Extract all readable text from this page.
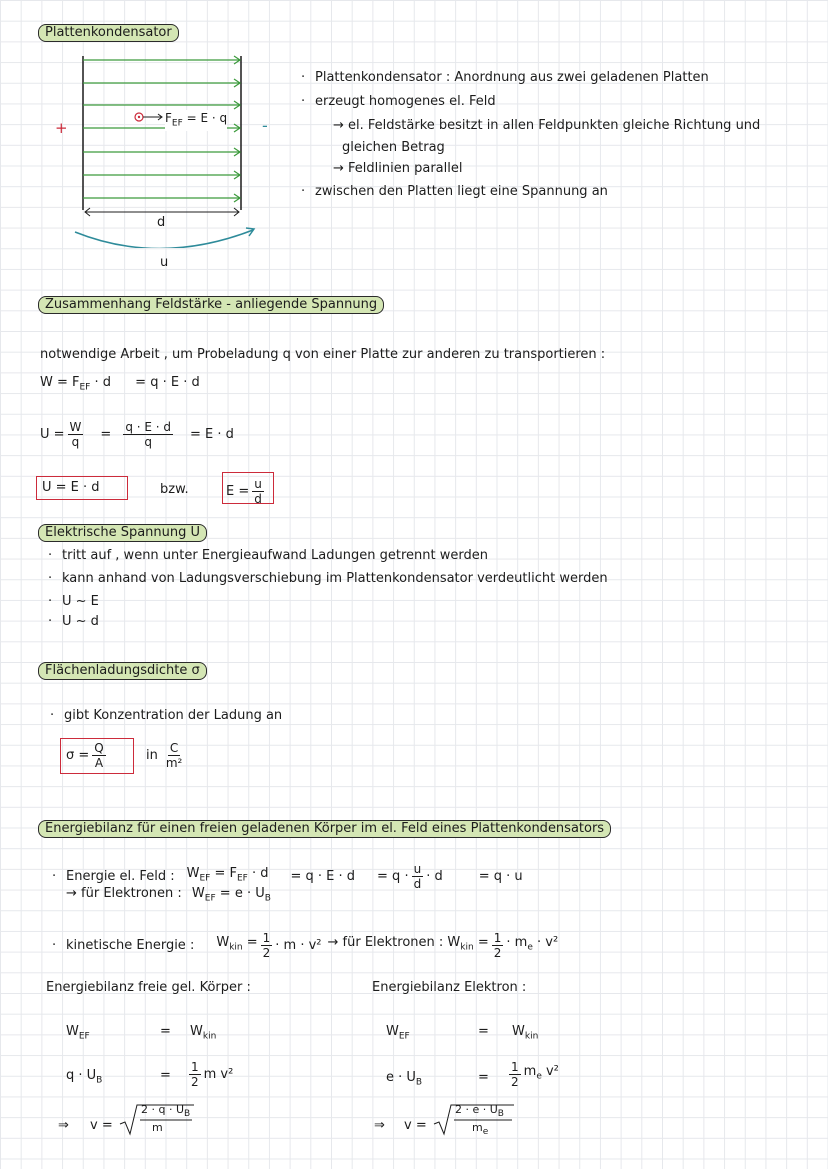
Plattenkondensator
+	-
$F_{EF} = E \cdot q$
d
u
· Plattenkondensator : Anordnung aus zwei geladenen Platten
· erzeugt homogenes el. Feld
→ el. Feldstärke besitzt in allen Feldpunkten gleiche Richtung und
gleichen Betrag
→ Feldlinien parallel
· zwischen den Platten liegt eine Spannung an
Zusammenhang Feldstärke - anliegende Spannung
notwendige Arbeit , um Probeladung q von einer Platte zur anderen zu transportieren :
$W = F_{EF} \cdot d = q \cdot E \cdot d$
$U = \frac{W}{q} = \frac{q \cdot E \cdot d}{q} = E \cdot d$
U = E · d	bzw.	$E = \frac{u}{d}$
Elektrische Spannung U
· tritt auf , wenn unter Energieaufwand Ladungen getrennt werden
· kann anhand von Ladungsverschiebung im Plattenkondensator verdeutlicht werden
· U ~ E
· U ~ d
Flächenladungsdichte σ
· gibt Konzentration der Ladung an
$\sigma = \frac{Q}{A}$	in $\frac{C}{\text{m²}}$
Energiebilanz für einen freien geladenen Körper im el. Feld eines Plattenkondensators
· Energie el. Feld : $W_{EF} = F_{EF} \cdot d = q \cdot E \cdot d = q \cdot \frac{u}{d} \cdot d$	= q · u
→ für Elektronen : $W_{EF} = e \cdot U_B$
· kinetische Energie : $W_{kin} = \frac{1}{2} \cdot m \cdot v^2$ → für Elektronen : $W_{kin} = \frac{1}{2} \cdot m_e \cdot v^2$
Energiebilanz freie gel. Körper :
$W_{EF}$	= $W_{kin}$
$q \cdot U_B$	= $\frac{1}{2}$ m v²
⇒ v =
$2 \cdot q \cdot U_B$
m
Energiebilanz Elektron :
$W_{EF}$	= $W_{kin}$
$e \cdot U_B$	= $\frac{1}{2} m_e$ v²
⇒ v =
$2 \cdot e \cdot U_B$
$m_e$
